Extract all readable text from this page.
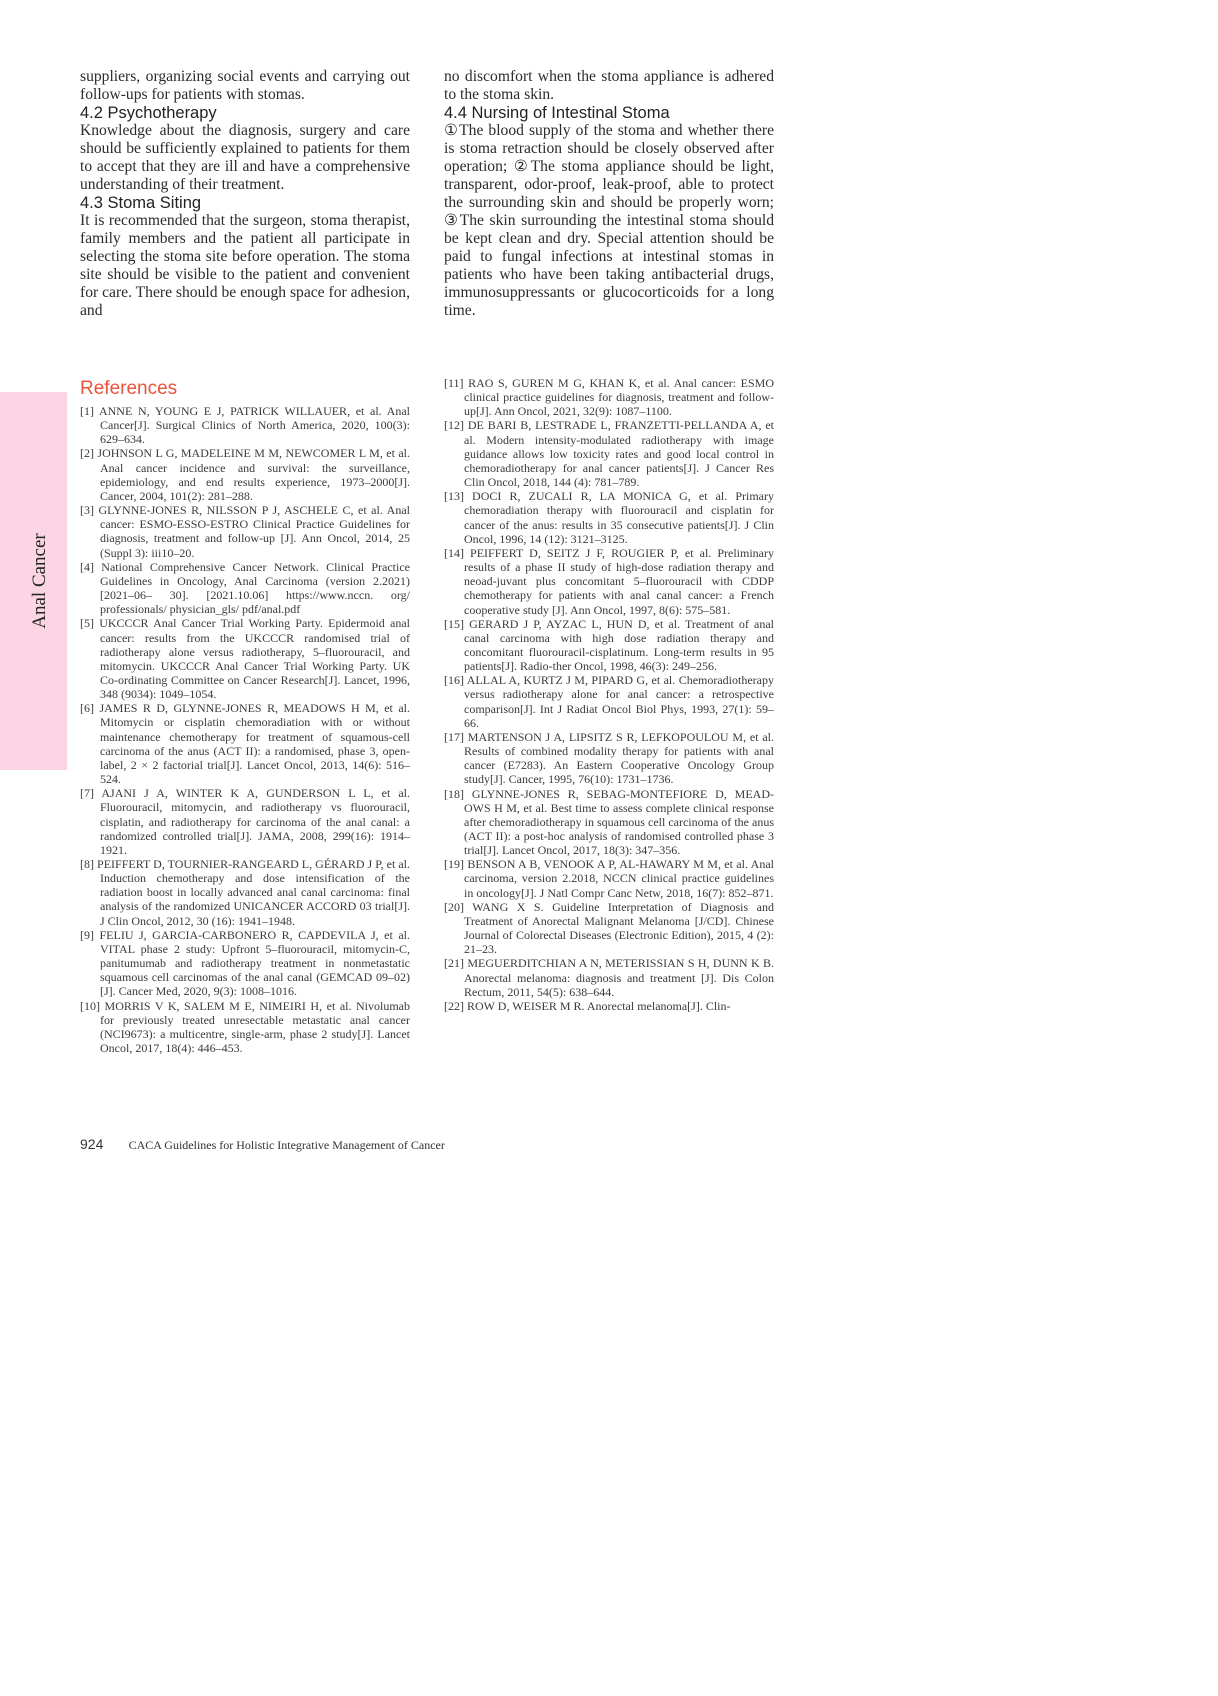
Anal Cancer

suppliers, organizing social events and carrying out follow-ups for patients with stomas.

4.2 Psychotherapy

Knowledge about the diagnosis, surgery and care should be sufficiently explained to patients for them to accept that they are ill and have a comprehensive understanding of their treatment.

4.3 Stoma Siting

It is recommended that the surgeon, stoma therapist, family members and the patient all participate in selecting the stoma site before operation. The stoma site should be visible to the patient and convenient for care. There should be enough space for adhesion, and

no discomfort when the stoma appliance is adhered to the stoma skin.

4.4 Nursing of Intestinal Stoma

①The blood supply of the stoma and whether there is stoma retraction should be closely observed after operation; ②The stoma appliance should be light, transparent, odor-proof, leak-proof, able to protect the surrounding skin and should be properly worn; ③The skin surrounding the intestinal stoma should be kept clean and dry. Special attention should be paid to fungal infections at intestinal stomas in patients who have been taking antibacterial drugs, immunosuppressants or glucocorticoids for a long time.

References
[1] ANNE N, YOUNG E J, PATRICK WILLAUER, et al. Anal Cancer[J]. Surgical Clinics of North America, 2020, 100(3): 629–634.
[2] JOHNSON L G, MADELEINE M M, NEWCOMER L M, et al. Anal cancer incidence and survival: the surveillance, epidemiology, and end results experience, 1973–2000[J]. Cancer, 2004, 101(2): 281–288.
[3] GLYNNE-JONES R, NILSSON P J, ASCHELE C, et al. Anal cancer: ESMO-ESSO-ESTRO Clinical Practice Guidelines for diagnosis, treatment and follow-up [J]. Ann Oncol, 2014, 25 (Suppl 3): iii10–20.
[4] National Comprehensive Cancer Network. Clinical Practice Guidelines in Oncology, Anal Carcinoma (version 2.2021)[2021–06– 30]. [2021.10.06] https://www.nccn. org/ professionals/ physician_gls/ pdf/anal.pdf
[5] UKCCCR Anal Cancer Trial Working Party. Epidermoid anal cancer: results from the UKCCCR randomised trial of radiotherapy alone versus radiotherapy, 5–fluorouracil, and mitomycin. UKCCCR Anal Cancer Trial Working Party. UK Co-ordinating Committee on Cancer Research[J]. Lancet, 1996, 348 (9034): 1049–1054.
[6] JAMES R D, GLYNNE-JONES R, MEADOWS H M, et al. Mitomycin or cisplatin chemoradiation with or without maintenance chemotherapy for treatment of squamous-cell carcinoma of the anus (ACT II): a randomised, phase 3, open-label, 2 × 2 factorial trial[J]. Lancet Oncol, 2013, 14(6): 516–524.
[7] AJANI J A, WINTER K A, GUNDERSON L L, et al. Fluorouracil, mitomycin, and radiotherapy vs fluorouracil, cisplatin, and radiotherapy for carcinoma of the anal canal: a randomized controlled trial[J]. JAMA, 2008, 299(16): 1914–1921.
[8] PEIFFERT D, TOURNIER-RANGEARD L, GÉRARD J P, et al. Induction chemotherapy and dose intensification of the radiation boost in locally advanced anal canal carcinoma: final analysis of the randomized UNICANCER ACCORD 03 trial[J]. J Clin Oncol, 2012, 30 (16): 1941–1948.
[9] FELIU J, GARCIA-CARBONERO R, CAPDEVILA J, et al. VITAL phase 2 study: Upfront 5–fluorouracil, mitomycin-C, panitumumab and radiotherapy treatment in nonmetastatic squamous cell carcinomas of the anal canal (GEMCAD 09–02) [J]. Cancer Med, 2020, 9(3): 1008–1016.
[10] MORRIS V K, SALEM M E, NIMEIRI H, et al. Nivolumab for previously treated unresectable metastatic anal cancer (NCI9673): a multicentre, single-arm, phase 2 study[J]. Lancet Oncol, 2017, 18(4): 446–453.
[11] RAO S, GUREN M G, KHAN K, et al. Anal cancer: ESMO clinical practice guidelines for diagnosis, treatment and follow-up[J]. Ann Oncol, 2021, 32(9): 1087–1100.
[12] DE BARI B, LESTRADE L, FRANZETTI-PELLANDA A, et al. Modern intensity-modulated radiotherapy with image guidance allows low toxicity rates and good local control in chemoradiotherapy for anal cancer patients[J]. J Cancer Res Clin Oncol, 2018, 144 (4): 781–789.
[13] DOCI R, ZUCALI R, LA MONICA G, et al. Primary chemoradiation therapy with fluorouracil and cisplatin for cancer of the anus: results in 35 consecutive patients[J]. J Clin Oncol, 1996, 14 (12): 3121–3125.
[14] PEIFFERT D, SEITZ J F, ROUGIER P, et al. Preliminary results of a phase II study of high-dose radiation therapy and neoad-juvant plus concomitant 5–fluorouracil with CDDP chemotherapy for patients with anal canal cancer: a French cooperative study [J]. Ann Oncol, 1997, 8(6): 575–581.
[15] GERARD J P, AYZAC L, HUN D, et al. Treatment of anal canal carcinoma with high dose radiation therapy and concomitant fluorouracil-cisplatinum. Long-term results in 95 patients[J]. Radio-ther Oncol, 1998, 46(3): 249–256.
[16] ALLAL A, KURTZ J M, PIPARD G, et al. Chemoradiotherapy versus radiotherapy alone for anal cancer: a retrospective comparison[J]. Int J Radiat Oncol Biol Phys, 1993, 27(1): 59–66.
[17] MARTENSON J A, LIPSITZ S R, LEFKOPOULOU M, et al. Results of combined modality therapy for patients with anal cancer (E7283). An Eastern Cooperative Oncology Group study[J]. Cancer, 1995, 76(10): 1731–1736.
[18] GLYNNE-JONES R, SEBAG-MONTEFIORE D, MEAD-OWS H M, et al. Best time to assess complete clinical response after chemoradiotherapy in squamous cell carcinoma of the anus (ACT II): a post-hoc analysis of randomised controlled phase 3 trial[J]. Lancet Oncol, 2017, 18(3): 347–356.
[19] BENSON A B, VENOOK A P, AL-HAWARY M M, et al. Anal carcinoma, version 2.2018, NCCN clinical practice guidelines in oncology[J]. J Natl Compr Canc Netw, 2018, 16(7): 852–871.
[20] WANG X S. Guideline Interpretation of Diagnosis and Treatment of Anorectal Malignant Melanoma [J/CD]. Chinese Journal of Colorectal Diseases (Electronic Edition), 2015, 4 (2): 21–23.
[21] MEGUERDITCHIAN A N, METERISSIAN S H, DUNN K B. Anorectal melanoma: diagnosis and treatment [J]. Dis Colon Rectum, 2011, 54(5): 638–644.
[22] ROW D, WEISER M R. Anorectal melanoma[J]. Clin-
924 CACA Guidelines for Holistic Integrative Management of Cancer
